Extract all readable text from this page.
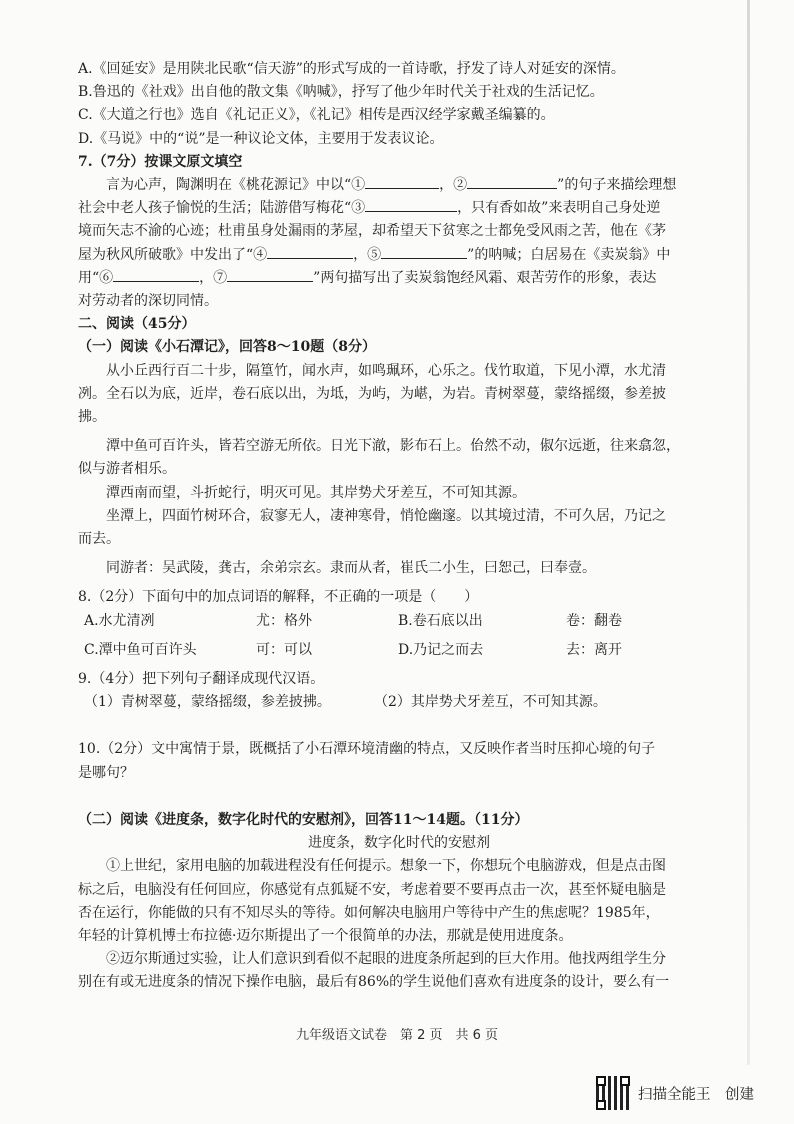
A.《回延安》是用陕北民歌“信天游”的形式写成的一首诗歌，抒发了诗人对延安的深情。
B.鲁迅的《社戏》出自他的散文集《呐喊》，抒写了他少年时代关于社戏的生活记忆。
C.《大道之行也》选自《礼记正义》，《礼记》相传是西汉经学家戴圣编纂的。
D.《马说》中的“说”是一种议论文体，主要用于发表议论。
7.（7分）按课文原文填空
言为心声，陶渊明在《桃花源记》中以“①	，②	”的句子来描绘理想
社会中老人孩子愉悦的生活；陆游借写梅花“③	，只有香如故”来表明自己身处逆
境而矢志不渝的心迹；杜甫虽身处漏雨的茅屋，却希望天下贫寒之士都免受风雨之苦，他在《茅
屋为秋风所破歌》中发出了“④	，⑤	”的呐喊；白居易在《卖炭翁》中
用“⑥	，⑦	”两句描写出了卖炭翁饱经风霜、艰苦劳作的形象，表达
对劳动者的深切同情。
二、阅读（45分）
（一）阅读《小石潭记》，回答8～10题（8分）
从小丘西行百二十步，隔篁竹，闻水声，如鸣珮环，心乐之。伐竹取道，下见小潭，水尤清
冽。全石以为底，近岸，卷石底以出，为坻，为屿，为嵁，为岩。青树翠蔓，蒙络摇缀，参差披
拂。
潭中鱼可百许头，皆若空游无所依。日光下澈，影布石上。佁然不动，俶尔远逝，往来翕忽，
似与游者相乐。
潭西南而望，斗折蛇行，明灭可见。其岸势犬牙差互，不可知其源。
坐潭上，四面竹树环合，寂寥无人，凄神寒骨，悄怆幽邃。以其境过清，不可久居，乃记之
而去。
同游者：吴武陵，龚古，余弟宗玄。隶而从者，崔氏二小生，曰恕己，曰奉壹。
8.（2分）下面句中的加点词语的解释，不正确的一项是（　　）
A.水尤清冽	尤：格外	B.卷石底以出	卷：翻卷
C.潭中鱼可百许头	可：可以	D.乃记之而去	去：离开
9.（4分）把下列句子翻译成现代汉语。
（1）青树翠蔓，蒙络摇缀，参差披拂。	（2）其岸势犬牙差互，不可知其源。
10.（2分）文中寓情于景，既概括了小石潭环境清幽的特点，又反映作者当时压抑心境的句子
是哪句？
（二）阅读《进度条，数字化时代的安慰剂》，回答11～14题。（11分）
进度条，数字化时代的安慰剂
①上世纪，家用电脑的加载进程没有任何提示。想象一下，你想玩个电脑游戏，但是点击图
标之后，电脑没有任何回应，你感觉有点狐疑不安，考虑着要不要再点击一次，甚至怀疑电脑是
否在运行，你能做的只有不知尽头的等待。如何解决电脑用户等待中产生的焦虑呢？1985年，
年轻的计算机博士布拉德·迈尔斯提出了一个很简单的办法，那就是使用进度条。
②迈尔斯通过实验，让人们意识到看似不起眼的进度条所起到的巨大作用。他找两组学生分
别在有或无进度条的情况下操作电脑，最后有86%的学生说他们喜欢有进度条的设计，要么有一
九年级语文试卷　第 2 页　共 6 页
扫描全能王　创建
